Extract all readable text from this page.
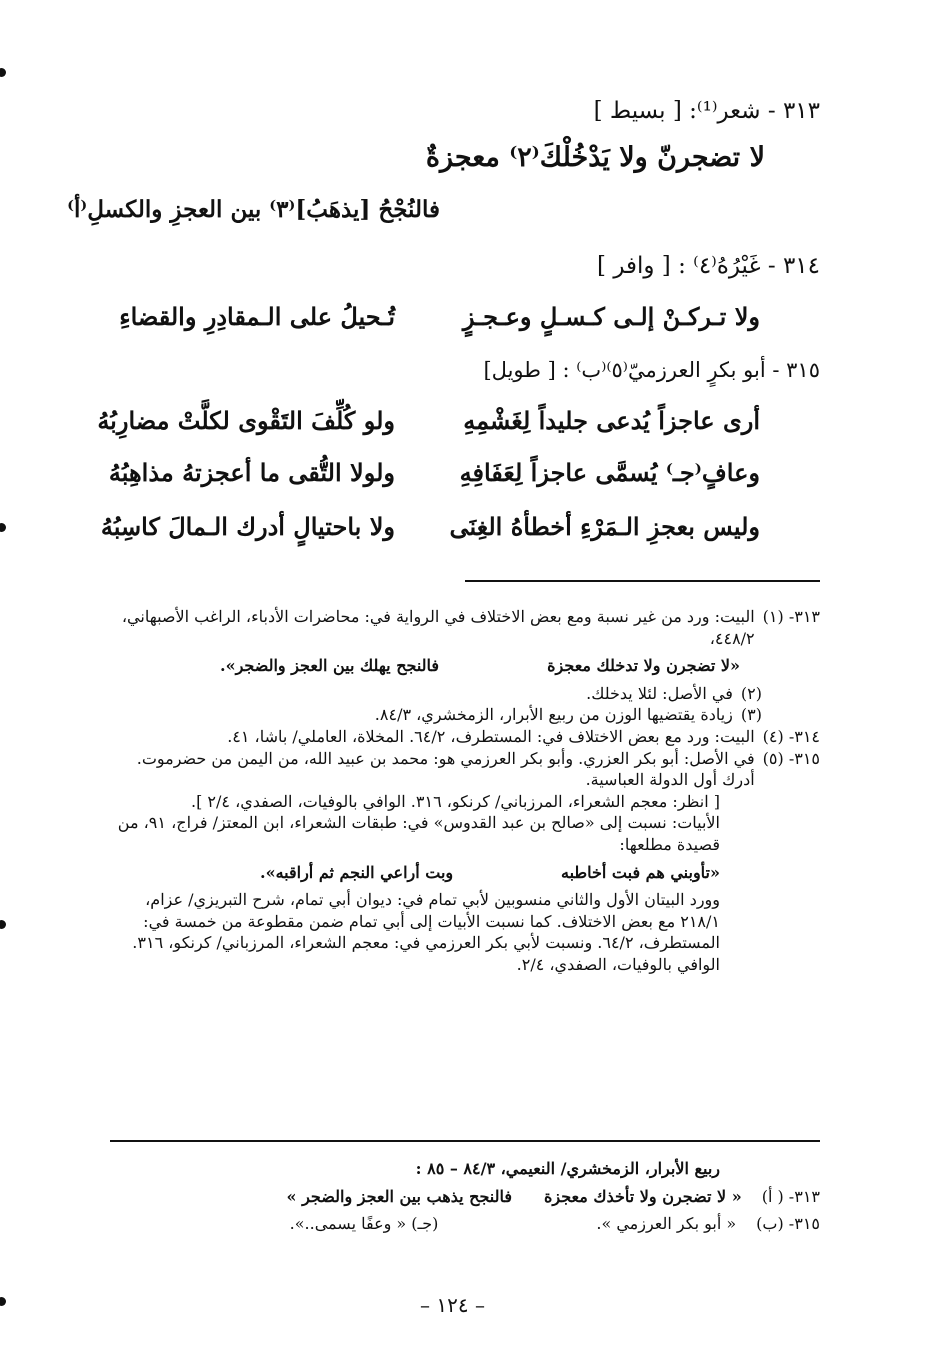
٣١٣ - شعر⁽¹⁾: [ بسيط ]
لا تضجرنّ ولا يَدْخُلْكَ⁽٢⁾ معجزةٌ
فالنُجْحُ [يذهَبُ]⁽٣⁾ بين العجزِ والكسلِ⁽أ⁾
٣١٤ - غَيْرُهُ⁽٤⁾ : [ وافر ]
ولا تـركـنْ إلـى كـسـلٍ وعـجـزٍ
تُـحيلُ على الـمقادِرِ والقضاءِ
٣١٥ - أبو بكرٍ العرزميّ⁽٥⁾⁽ب⁾ : [ طويل]
أرى عاجزاً يُدعى جليداً لِغَشْمِهِ
ولو كُلِّفَ التَقْوى لكلَّتْ مضارِبُهُ
وعافٍ⁽جـ⁾ يُسمَّى عاجزاً لِعَفَافِهِ
ولولا التُّقى ما أعجزتهُ مذاهِبُهُ
وليس بعجزِ الـمَرْءِ أخطأهُ الغِنَى
ولا باحتيالٍ أدرك الـمالَ كاسِبُهُ
٣١٣- (١)
البيت: ورد من غير نسبة ومع بعض الاختلاف في الرواية في: محاضرات الأدباء، الراغب الأصبهاني، ٤٤٨/٢،
«لا تضجرن ولا تدخلك معجزة
فالنجح يهلك بين العجز والضجر».
(٢)
في الأصل: لئلا يدخلك.
(٣)
زيادة يقتضيها الوزن من ربيع الأبرار، الزمخشري، ٨٤/٣.
٣١٤- (٤)
البيت: ورد مع بعض الاختلاف في: المستطرف، ٦٤/٢. المخلاة، العاملي/ باشا، ٤١.
٣١٥- (٥)
في الأصل: أبو بكر العزري. وأبو بكر العرزمي هو: محمد بن عبيد الله، من اليمن من حضرموت. أدرك أول الدولة العباسية.
[ انظر: معجم الشعراء، المرزباني/ كرنكو، ٣١٦. الوافي بالوفيات، الصفدي، ٢/٤ ].
الأبيات: نسبت إلى «صالح بن عبد القدوس» في: طبقات الشعراء، ابن المعتز/ فراج، ٩١، من قصيدة مطلعها:
«تأوبني هم فبت أخاطبه
وبت أراعي النجم ثم أراقبه».
وورد البيتان الأول والثاني منسوبين لأبي تمام في: ديوان أبي تمام، شرح التبريزي/ عزام، ٢١٨/١ مع بعض الاختلاف. كما نسبت الأبيات إلى أبي تمام ضمن مقطوعة من خمسة في: المستطرف، ٦٤/٢. ونسبت لأبي بكر العرزمي في: معجم الشعراء، المرزباني/ كرنكو، ٣١٦. الوافي بالوفيات، الصفدي، ٢/٤.
ربيع الأبرار، الزمخشري/ النعيمي، ٨٤/٣ – ٨٥ :
٣١٣- ( أ)
« لا تضجرن ولا تأخذك معجزة
فالنجح يذهب بين العجز والضجر »
٣١٥- (ب)
« أبو بكر العرزمي ».
(جـ) « وعفًا يسمى..».
– ١٢٤ –
